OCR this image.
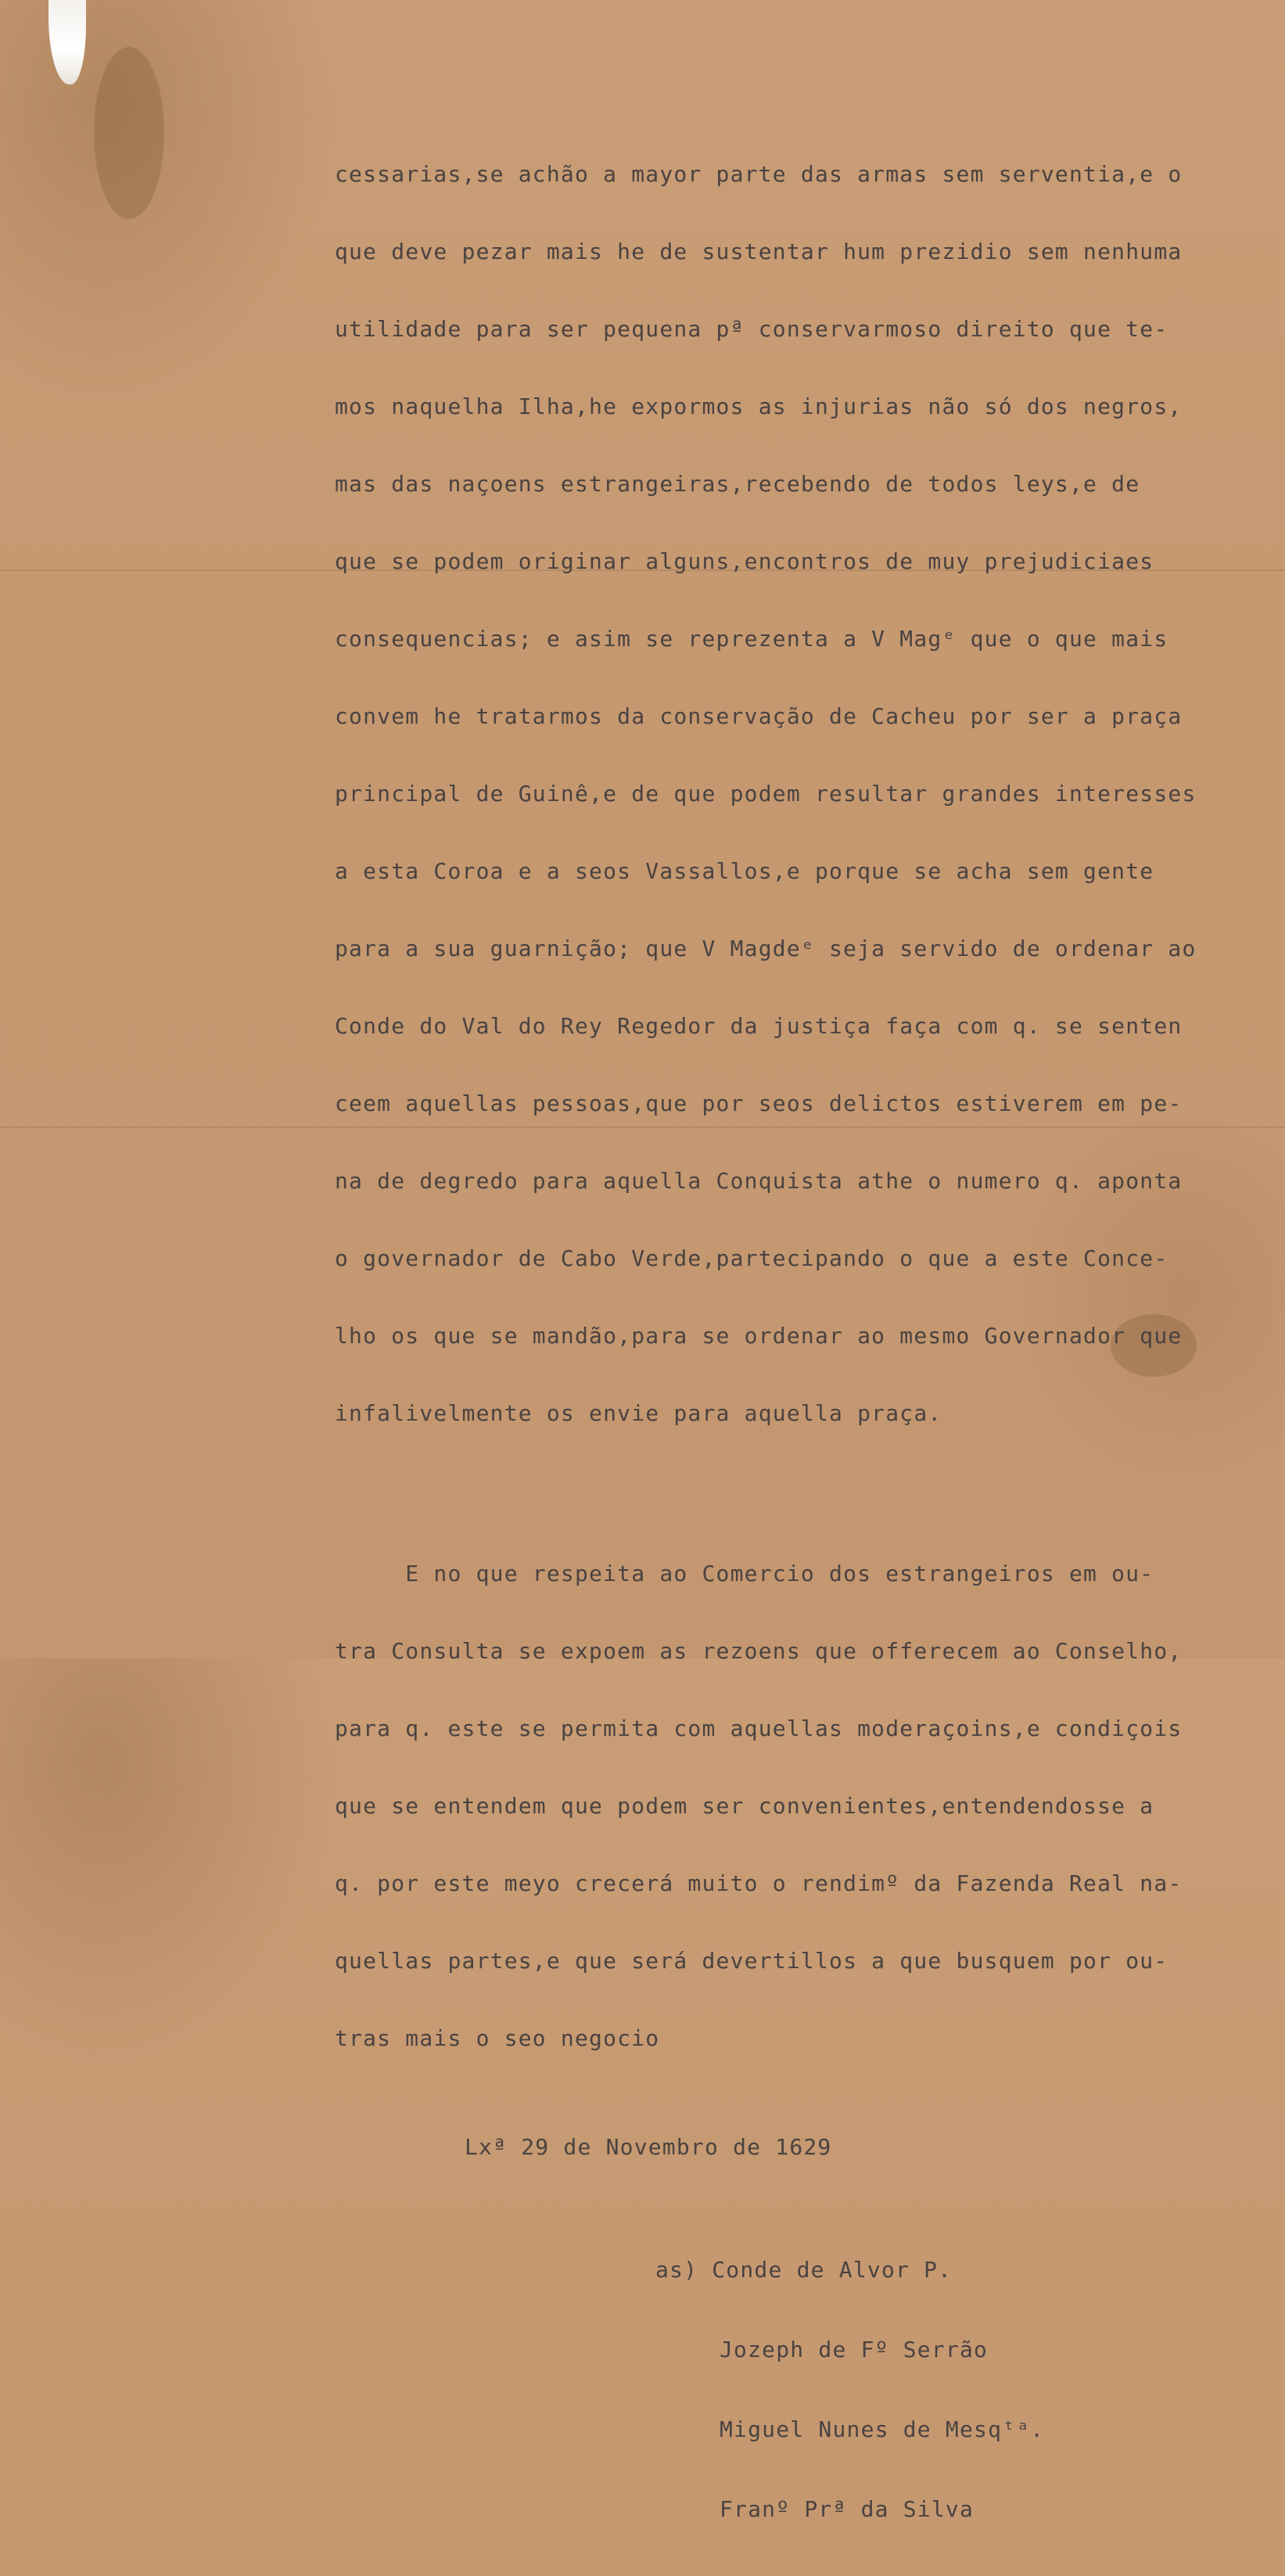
cessarias,se achão a mayor parte das armas sem serventia,e o

que deve pezar mais he de sustentar hum prezidio sem nenhuma

utilidade para ser pequena pª conservarmoso direito que te-

mos naquelha Ilha,he expormos as injurias não só dos negros,

mas das naçoens estrangeiras,recebendo de todos leys,e de

que se podem originar alguns,encontros de muy prejudiciaes

consequencias; e asim se reprezenta a V Magᵉ que o que mais

convem he tratarmos da conservação de Cacheu por ser a praça

principal de Guinê,e de que podem resultar grandes interesses

a esta Coroa e a seos Vassallos,e porque se acha sem gente

para a sua guarnição; que V Magdeᵉ seja servido de ordenar ao

Conde do Val do Rey Regedor da justiça faça com q. se senten

ceem aquellas pessoas,que por seos delictos estiverem em pe-

na de degredo para aquella Conquista athe o numero q. aponta

o governador de Cabo Verde,partecipando o que a este Conce-

lho os que se mandão,para se ordenar ao mesmo Governador que

infalivelmente os envie para aquella praça.

E no que respeita ao Comercio dos estrangeiros em ou-

tra Consulta se expoem as rezoens que offerecem ao Conselho,

para q. este se permita com aquellas moderaçoins,e condiçois

que se entendem que podem ser convenientes,entendendosse a

q. por este meyo crecerá muito o rendimº da Fazenda Real na-

quellas partes,e que será devertillos a que busquem por ou-

tras mais o seo negocio

Lxª 29 de Novembro de 1629

as) Conde de Alvor P.

Jozeph de Fº Serrão

Miguel Nunes de Mesqᵗᵃ.

Franº Prª da Silva
